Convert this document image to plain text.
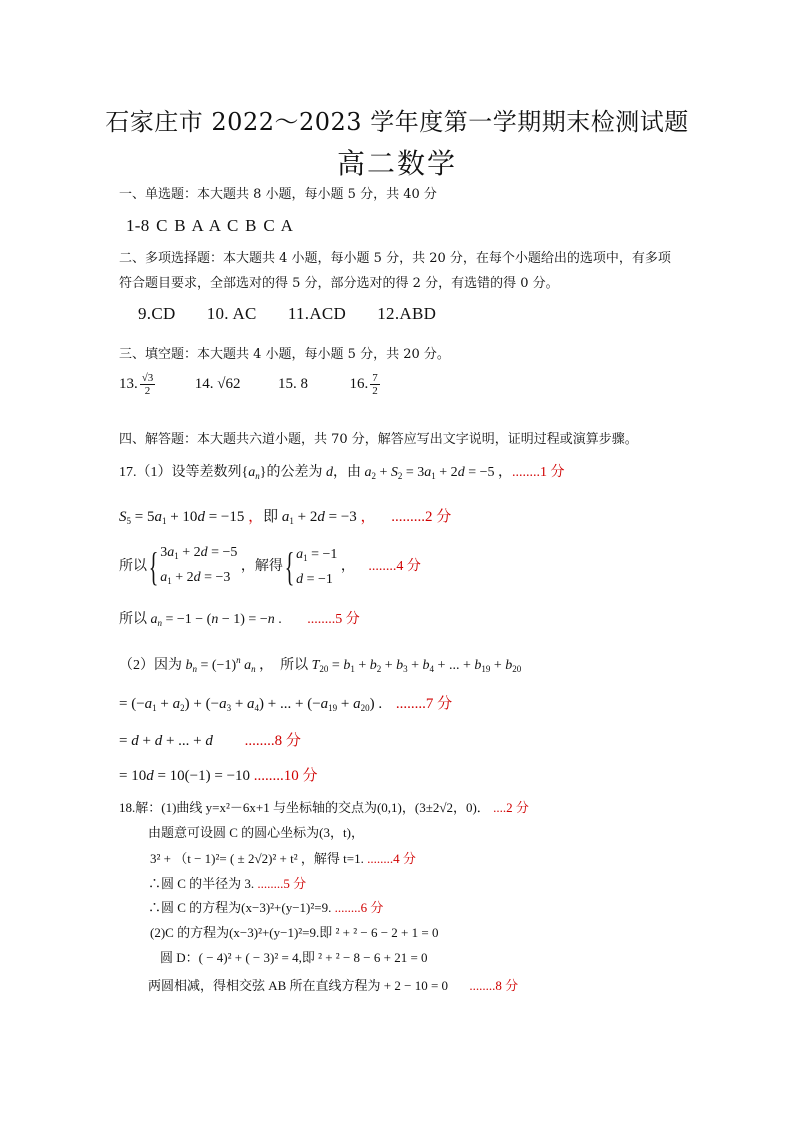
石家庄市 2022～2023 学年度第一学期期末检测试题
高二数学
一、单选题：本大题共 8 小题，每小题 5 分，共 40 分
1-8 C B A A C B C A
二、多项选择题：本大题共 4 小题，每小题 5 分，共 20 分，在每个小题给出的选项中，有多项符合题目要求，全部选对的得 5 分，部分选对的得 2 分，有选错的得 0 分。
9.CD 10. AC 11.ACD 12.ABD
三、填空题：本大题共 4 小题，每小题 5 分，共 20 分。
13. $\frac{√3}{2}$	14. √62	15. 8	16. $\frac{7}{2}$
四、解答题：本大题共六道小题，共 70 分，解答应写出文字说明，证明过程或演算步骤。
17.（1）设等差数列$\{a_n\}$的公差为 d，由 $a_2 + S_2 = 3a_1 + 2d = -5$ ，........1 分
$S_5 = 5a_1 + 10d = -15$ ，即 $a_1 + 2d = -3$ ， .........2 分
所以{ $3a_1 + 2d = -5$
$a_1 + 2d = -3$ ，解得{ $a_1 = -1$
d = −1 ， ........4 分
所以 $a_n = -1 - (n - 1) = -n$ . ........5 分
（2）因为 $b_n = (-1)^n$ $a_n$ ，  所以 $T_{20} = b_1 + b_2 + b_3 + b_4$ + ... + $b_{19} + b_{20}$
= $(-a_1 + a_2) + (-a_3 + a_4)$ + ... + $(-a_{19} + a_{20})$ . ........7 分
= d + d + ... + d ........8 分
= 10d = 10(−1) = −10 ........10 分
18.解：(1)曲线 y=x²－6x+1 与坐标轴的交点为(0,1)，(3±2√2，0)． ....2 分
由题意可设圆 C 的圆心坐标为(3，t)，
3² + （t − 1)²= ( ± 2√2)² + t² ，解得 t=1. ........4 分
∴圆 C 的半径为 3. ........5 分
∴圆 C 的方程为(x−3)²+(y−1)²=9. ........6 分
(2)C 的方程为(x−3)²+(y−1)²=9.即 ² + ² − 6 − 2 + 1 = 0
圆 D：( − 4)² + ( − 3)² = 4,即 ² + ² − 8 − 6 + 21 = 0
两圆相减，得相交弦 AB 所在直线方程为 + 2 − 10 = 0 ........8 分
